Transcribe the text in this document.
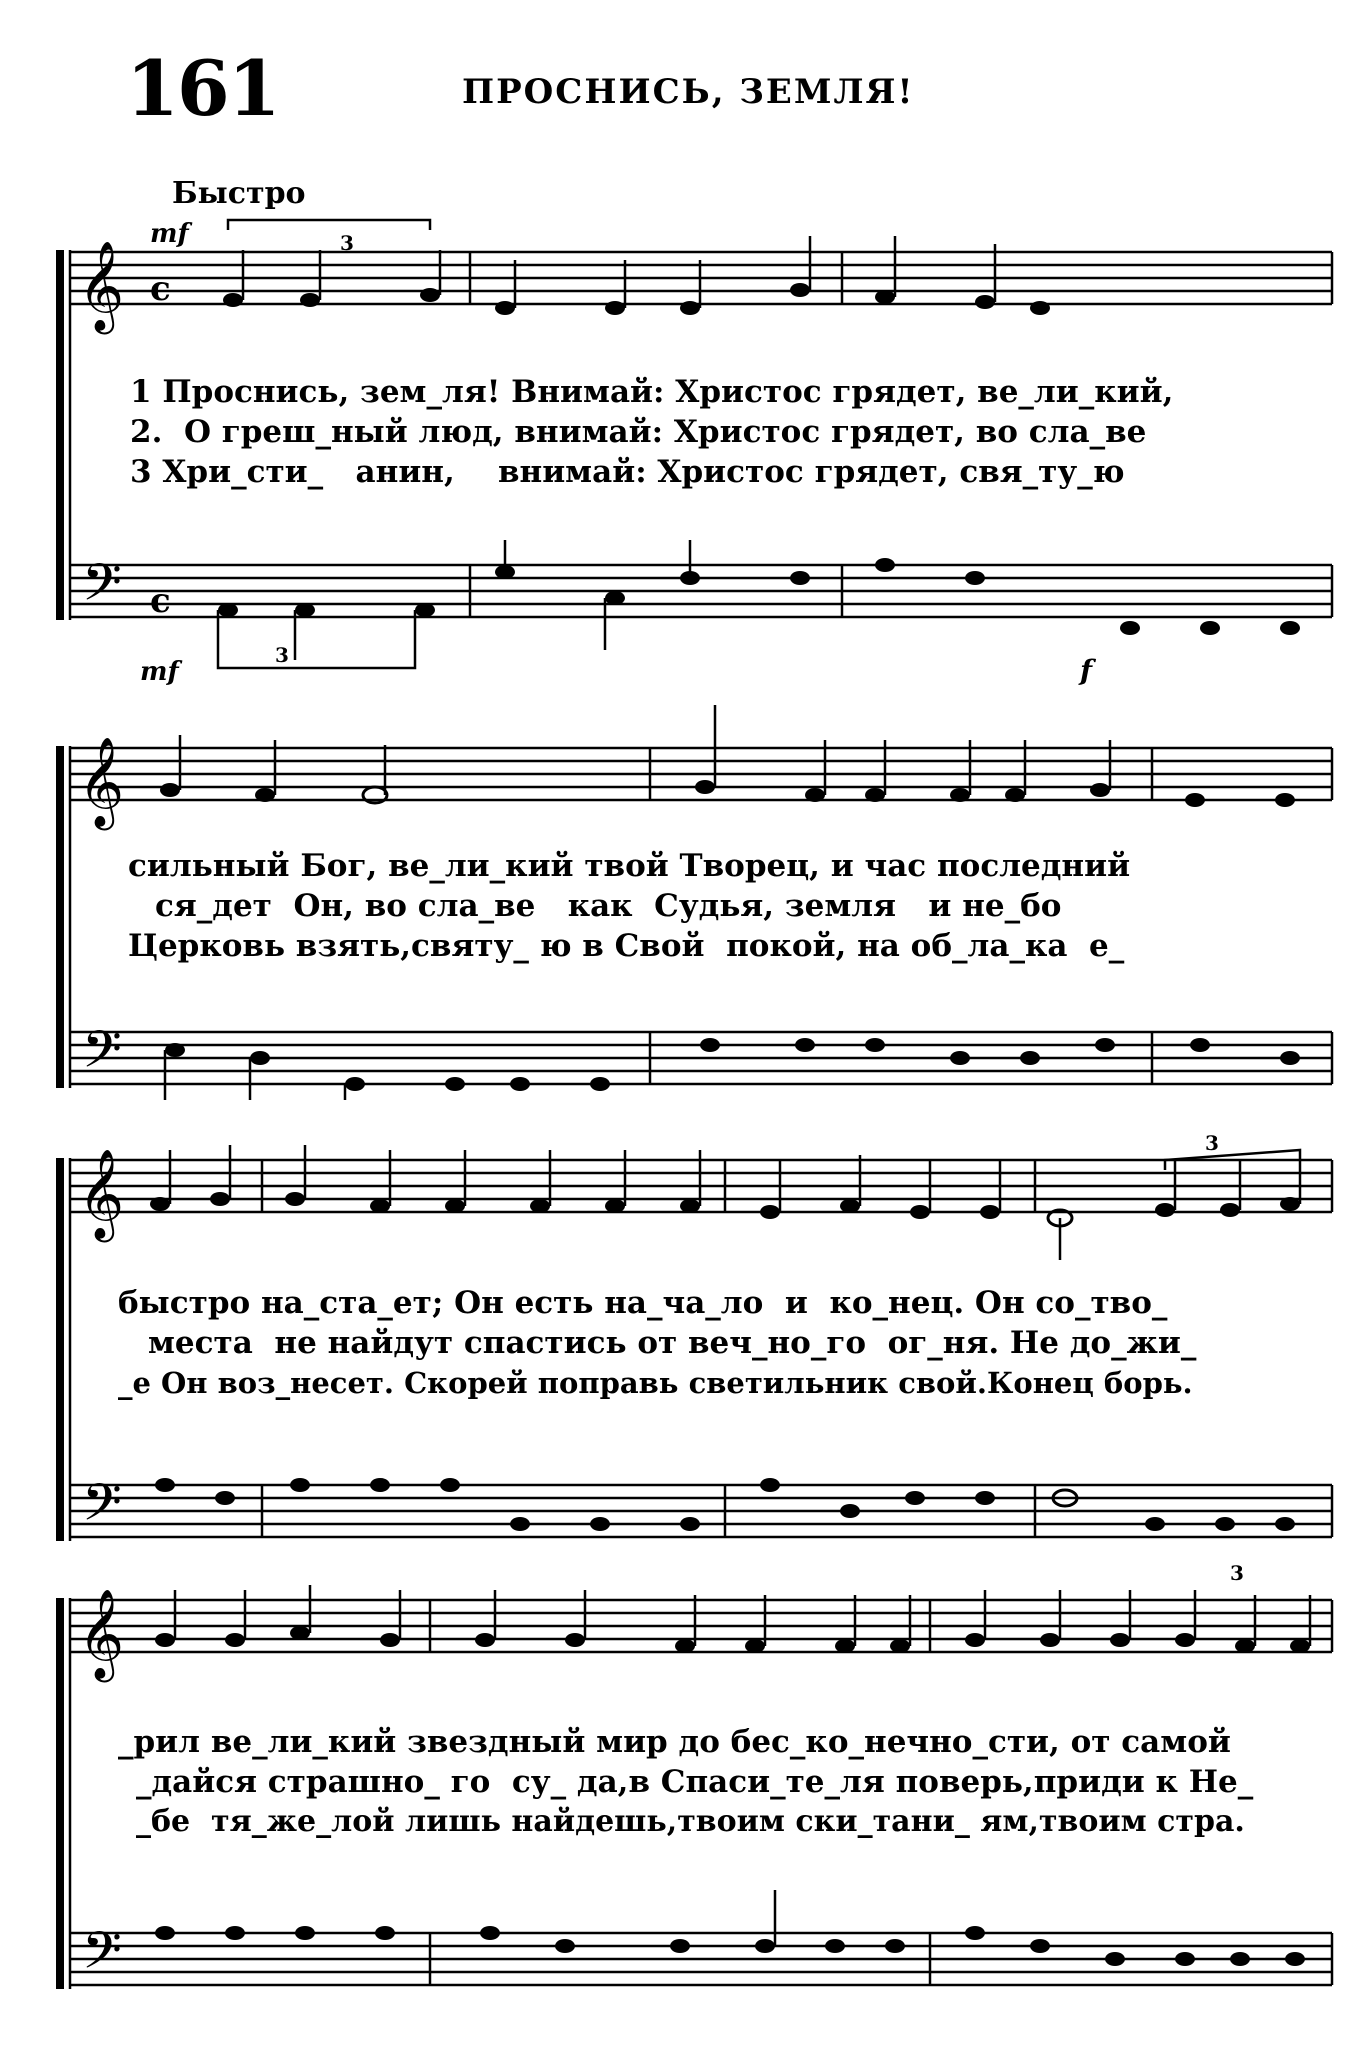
161	ПРОСНИСЬ, ЗЕМЛЯ!
Быстро
𝄞
𝄢
c
c
3
3
mf
mf	f
1 Проснись, зем_ля! Внимай: Христос грядет, ве_ли_кий,
2.  О греш_ный люд, внимай: Христос грядет, во сла_ве
3 Хри_сти_   анин,    внимай: Христос грядет, свя_ту_ю
𝄞
𝄢
сильный Бог, ве_ли_кий твой Творец, и час последний
ся_дет  Он, во сла_ве   как  Судья, земля   и не_бо
Церковь взять,святу_ ю в Свой  покой, на об_ла_ка  е_
𝄞
𝄢
3
3
быстро на_ста_ет; Он есть на_ча_ло  и  ко_нец. Он со_тво_
места  не найдут спастись от веч_но_го  ог_ня. Не до_жи_
_е Он воз_несет. Скорей поправь светильник свой.Конец борь.
𝄞
𝄢
_рил ве_ли_кий звездный мир до бес_ко_нечно_сти, от самой
_дайся страшно_ го  су_ да,в Спаси_те_ля поверь,приди к Не_
_бе  тя_же_лой лишь найдешь,твоим ски_тани_ ям,твоим стра.
